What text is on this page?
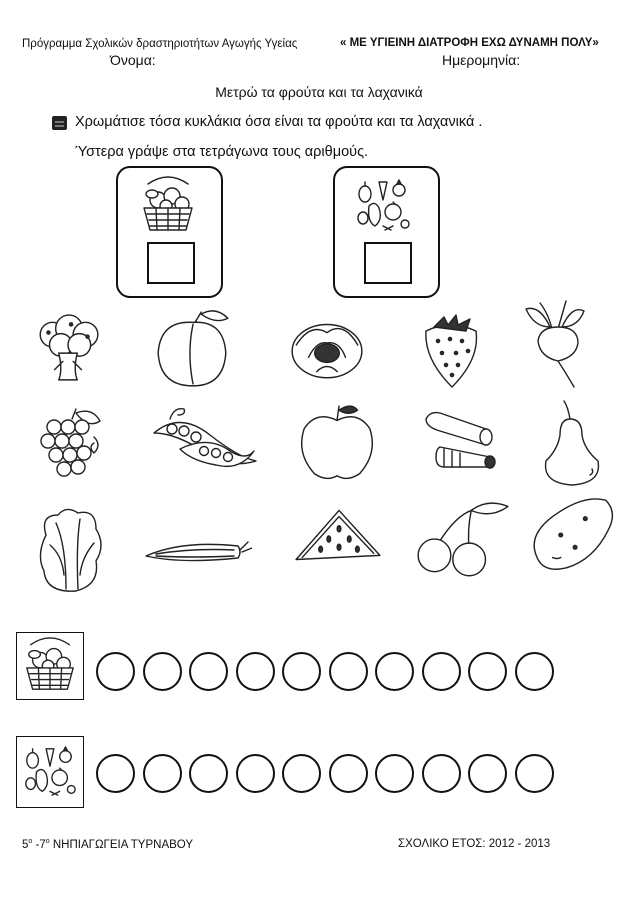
Πρόγραμμα Σχολικών δραστηριοτήτων Αγωγής Υγείας	« ΜΕ ΥΓΙΕΙΝΗ ΔΙΑΤΡΟΦΗ ΕΧΩ ΔΥΝΑΜΗ ΠΟΛΥ»
Όνομα:	Ημερομηνία:
Μετρώ τα φρούτα και τα λαχανικά
Χρωμάτισε τόσα κυκλάκια όσα είναι τα φρούτα και τα λαχανικά .
Ύστερα γράψε στα τετράγωνα τους αριθμούς.
$5^o$ $-7^o$ ΝΗΠΙΑΓΩΓΕΙΑ ΤΥΡΝΑΒΟΥ	ΣΧΟΛΙΚΟ ΕΤΟΣ: 2012 - 2013
